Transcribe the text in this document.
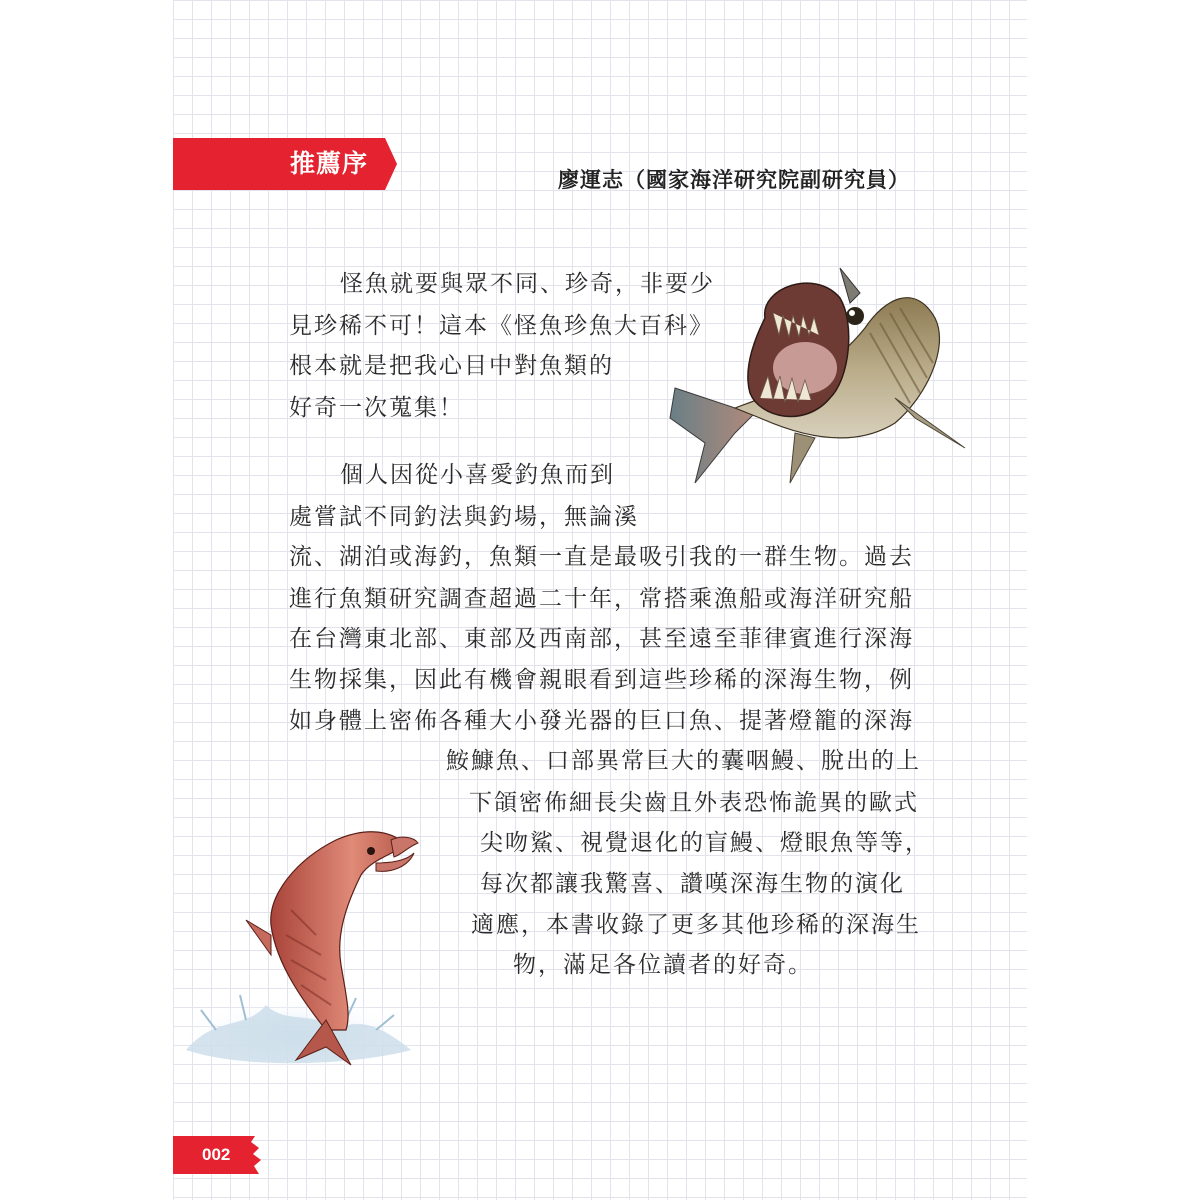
推薦序
廖運志（國家海洋研究院副研究員）
怪魚就要與眾不同、珍奇，非要少
見珍稀不可！這本《怪魚珍魚大百科》
根本就是把我心目中對魚類的
好奇一次蒐集！
個人因從小喜愛釣魚而到
處嘗試不同釣法與釣場，無論溪
流、湖泊或海釣，魚類一直是最吸引我的一群生物。過去
進行魚類研究調查超過二十年，常搭乘漁船或海洋研究船
在台灣東北部、東部及西南部，甚至遠至菲律賓進行深海
生物採集，因此有機會親眼看到這些珍稀的深海生物，例
如身體上密佈各種大小發光器的巨口魚、提著燈籠的深海
鮟鱇魚、口部異常巨大的囊咽鰻、脫出的上
下頜密佈細長尖齒且外表恐怖詭異的歐式
尖吻鯊、視覺退化的盲鰻、燈眼魚等等，
每次都讓我驚喜、讚嘆深海生物的演化
適應，本書收錄了更多其他珍稀的深海生
物，滿足各位讀者的好奇。
002
